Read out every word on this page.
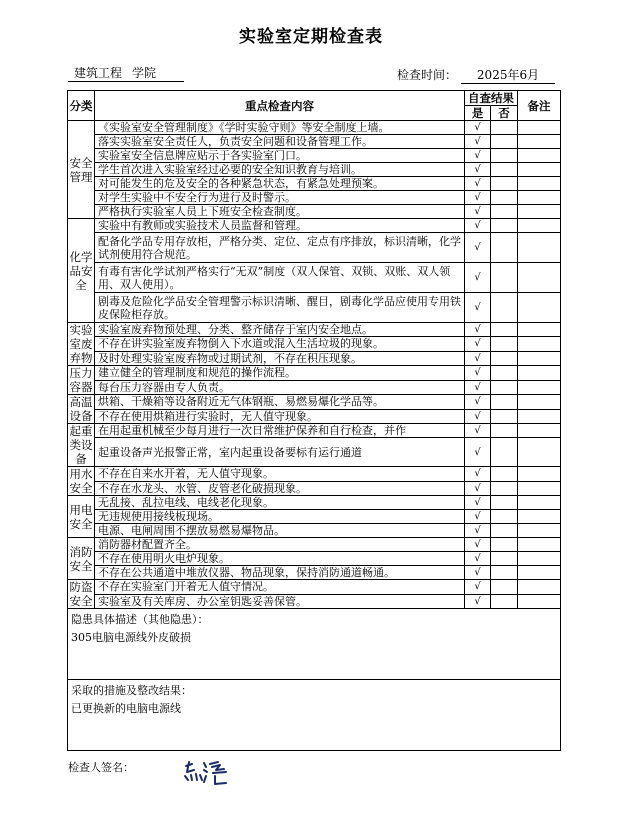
实验室定期检查表
建筑工程 学院	检查时间： 2025年6月
分类	重点检查内容	自查结果		备注
		是	否	
安全管理	《实验室安全管理制度》《学时实验守则》等安全制度上墙。	√		
	落实实验室安全责任人，负责安全问题和设备管理工作。	√		
	实验室安全信息牌应贴示于各实验室门口。	√		
	学生首次进入实验室经过必要的安全知识教育与培训。	√		
	对可能发生的危及安全的各种紧急状态，有紧急处理预案。	√		
	对学生实验中不安全行为进行及时警示。	√		
	严格执行实验室人员上下班安全检查制度。	√		
化学品安全	实验中有教师或实验技术人员监督和管理。	√		
	配备化学品专用存放柜，严格分类、定位、定点有序排放，标识清晰，化学试剂使用符合规范。	√		
	有毒有害化学试剂严格实行“无双”制度（双人保管、双锁、双账、双人领用、双人使用）。	√		
	剧毒及危险化学品安全管理警示标识清晰、醒目，剧毒化学品应使用专用铁皮保险柜存放。	√		
实验室废弃物	实验室废弃物预处理、分类、整齐储存于室内安全地点。	√		
	不存在讲实验室废弃物倒入下水道或混入生活垃圾的现象。	√		
	及时处理实验室废弃物或过期试剂，不存在积压现象。	√		
压力容器	建立健全的管理制度和规范的操作流程。	√		
	每台压力容器由专人负责。	√		
高温设备	烘箱、干燥箱等设备附近无气体钢瓶、易燃易爆化学品等。	√		
	不存在使用烘箱进行实验时，无人值守现象。	√		
起重类设备	在用起重机械至少每月进行一次日常维护保养和自行检查，并作	√		
	起重设备声光报警正常，室内起重设备要标有运行通道	√		
用水安全	不存在自来水开着，无人值守现象。	√		
	不存在水龙头、水管、皮管老化破损现象。	√		
用电安全	无乱接、乱拉电线、电线老化现象。	√		
	无违规使用接线板现场。	√		
	电源、电闸周围不摆放易燃易爆物品。	√		
消防安全	消防器材配置齐全。	√		
	不存在使用明火电炉现象。	√		
	不存在公共通道中堆放仪器、物品现象，保持消防通道畅通。	√		
防盗安全	不存在实验室门开着无人值守情况。	√		
	实验室及有关库房、办公室钥匙妥善保管。	√		

隐患具体描述（其他隐患）：
305电脑电源线外皮破损				

采取的措施及整改结果：
已更换新的电脑电源线				
检查人签名：
